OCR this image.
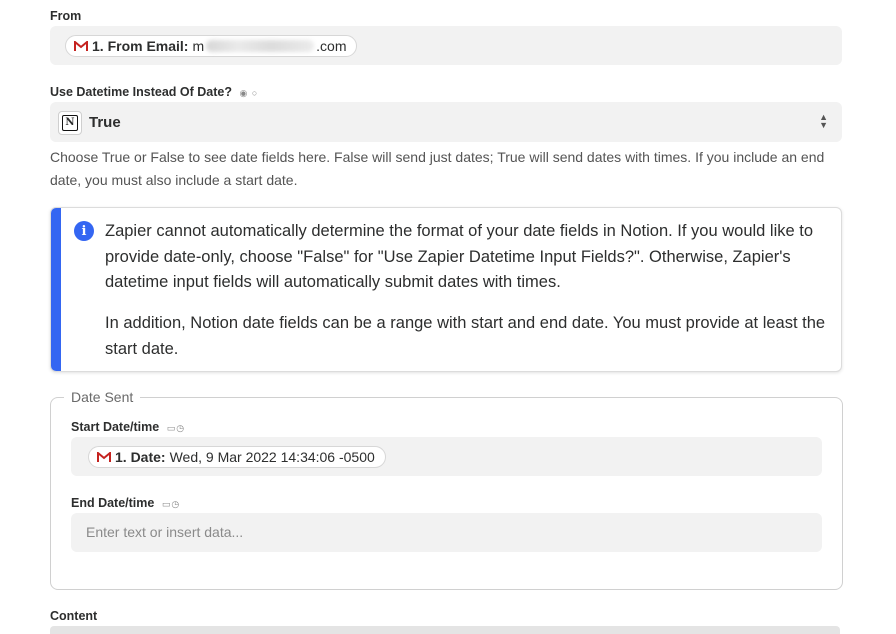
From
1. From Email: m	.com
Use Datetime Instead Of Date? ◉ ○
N True	▲
▼
Choose True or False to see date fields here. False will send just dates; True will send dates with times. If you include an end date, you must also include a start date.
i	Zapier cannot automatically determine the format of your date fields in Notion. If you would like to provide date-only, choose "False" for "Use Zapier Datetime Input Fields?". Otherwise, Zapier's datetime input fields will automatically submit dates with times.
In addition, Notion date fields can be a range with start and end date. You must provide at least the start date.
Date Sent
Start Date/time ▭◷
1. Date: Wed, 9 Mar 2022 14:34:06 -0500
End Date/time ▭◷
Enter text or insert data...
Content
